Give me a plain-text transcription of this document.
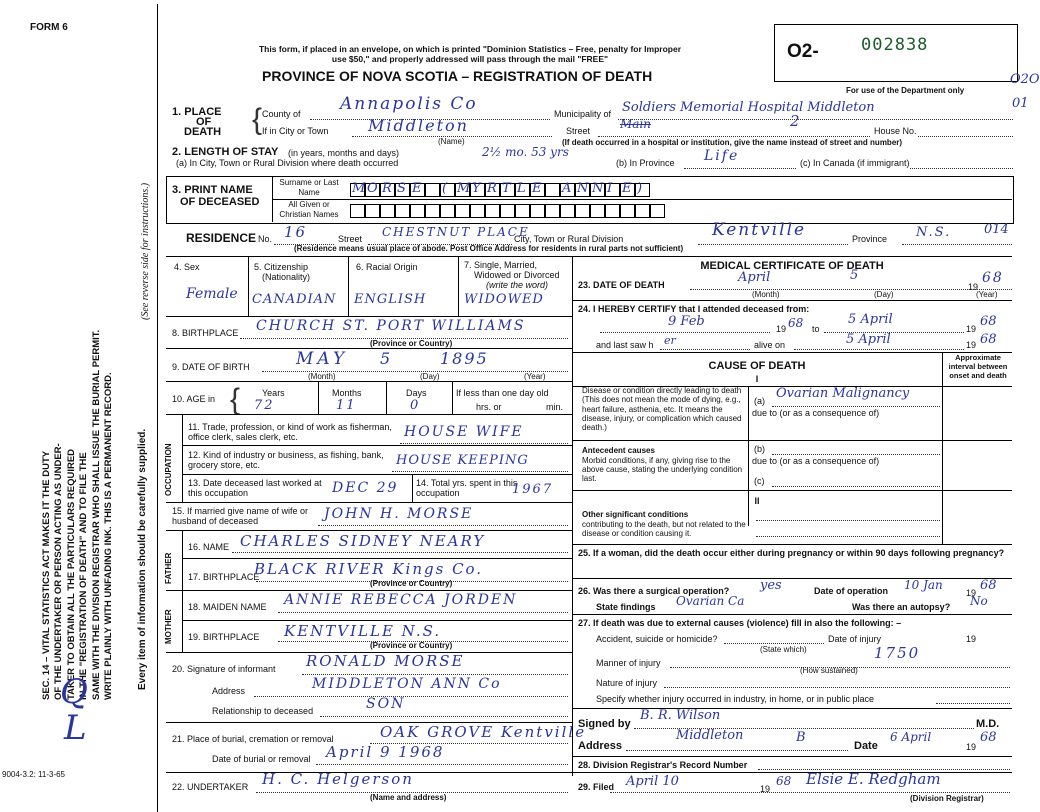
FORM 6
This form, if placed in an envelope, on which is printed "Dominion Statistics – Free, penalty for Improper
use $50," and properly addressed will pass through the mail "FREE"
PROVINCE OF NOVA SCOTIA – REGISTRATION OF DEATH
O2- 002838
For use of the Department only
O2O
01
SEC. 14 – VITAL STATISTICS ACT MAKES IT THE DUTY OF THE UNDERTAKER OR PERSON ACTING AS UNDER- TAKER TO OBTAIN ALL THE PARTICULARS REQUIRED IN THE "REGISTRATION OF DEATH" AND TO FILE THE SAME WITH THE DIVISION REGISTRAR WHO SHALL ISSUE THE BURIAL PERMIT. WRITE PLAINLY WITH UNFADING INK. THIS IS A PERMANENT RECORD. Every item of information should be carefully supplied.
(See reverse side for instructions.)
Q
L
9004-3.2: 11-3-65
1. PLACE
OF
DEATH { County of Annapolis Co	Municipality of Soldiers Memorial Hospital Middleton
If in City or Town Middleton
(Name)
Street Main	2
House No.
(If death occurred in a hospital or institution, give the name instead of street and number)
2. LENGTH OF STAY (in years, months and days)
(a) In City, Town or Rural Division where death occurred
2½ mo. 53 yrs
(b) In Province Life	(c) In Canada (if immigrant)
3. PRINT NAME
OF DECEASED
Surname or Last Name
All Given or Christian Names
M O R S E ( M Y R T L E A N N I E )
RESIDENCE No. 16	Street CHESTNUT PLACE
City, Town or Rural Division	Kentville	Province N.S.	014
(Residence means usual place of abode. Post Office Address for residents in rural parts not sufficient)
4. Sex
Female
5. Citizenship
(Nationality)
CANADIAN
6. Racial Origin
ENGLISH
7. Single, Married,
Widowed or Divorced
(write the word)
WIDOWED
8. BIRTHPLACE CHURCH ST. PORT WILLIAMS
(Province or Country)
9. DATE OF BIRTH	MAY 5	1895
(Month)	(Day)	(Year)
10. AGE in { Years
72
Months
11
Days
0
If less than one day old
hrs. or	min.
OCCUPATION
11. Trade, profession, or kind of work as fisherman, office clerk, sales clerk, etc.	HOUSE WIFE
12. Kind of industry or business, as fishing, bank, grocery store, etc.	HOUSE KEEPING
13. Date deceased last worked at this occupation	DEC 29 14. Total yrs. spent in this occupation	1967
15. If married give name of wife or husband of deceased	JOHN H. MORSE
FATHER
16. NAME CHARLES SIDNEY NEARY
17. BIRTHPLACE
BLACK RIVER Kings Co.
(Province or Country)
MOTHER
18. MAIDEN NAME ANNIE REBECCA JORDEN
19. BIRTHPLACE KENTVILLE N.S.
(Province or Country)
20. Signature of informant RONALD MORSE
Address	MIDDLETON ANN Co
Relationship to deceased	SON
21. Place of burial, cremation or removal	OAK GROVE Kentville
Date of burial or removal April 9 1968
22. UNDERTAKER H. C. Helgerson
(Name and address)
MEDICAL CERTIFICATE OF DEATH
23. DATE OF DEATH	April	5
19
68
(Month)	(Day)	(Year)
24. I HEREBY CERTIFY that I attended deceased from:
9 Feb	19 68 to
5 April
19 68
and last saw h er	alive on	5 April	19 68
CAUSE OF DEATH
Approximate interval between onset and death
I
Disease or condition directly leading to death (This does not mean the mode of dying, e.g., heart failure, asthenia, etc. It means the disease, injury, or complication which caused death.)
(a) Ovarian Malignancy
due to (or as a consequence of)
Antecedent causes
Morbid conditions, if any, giving rise to the above cause, stating the underlying condition last.
(b)
due to (or as a consequence of)
(c)
II
Other significant conditions
contributing to the death, but not related to the disease or condition causing it.
25. If a woman, did the death occur either during pregnancy or within 90 days following pregnancy?
26. Was there a surgical operation? yes	Date of operation 10 Jan
19 68
State findings Ovarian Ca	Was there an autopsy? No
27. If death was due to external causes (violence) fill in also the following: –
Accident, suicide or homicide?	Date of injury	19
(State which)
Manner of injury
1750
(How sustained)
Nature of injury
Specify whether injury occurred in industry, in home, or in public place
Signed by
B. R. Wilson
M.D.
Address
Middleton	B
Date
6 April
19
68
28. Division Registrar's Record Number
29. Filed April 10	19
68 Elsie E. Redgham
(Division Registrar)
